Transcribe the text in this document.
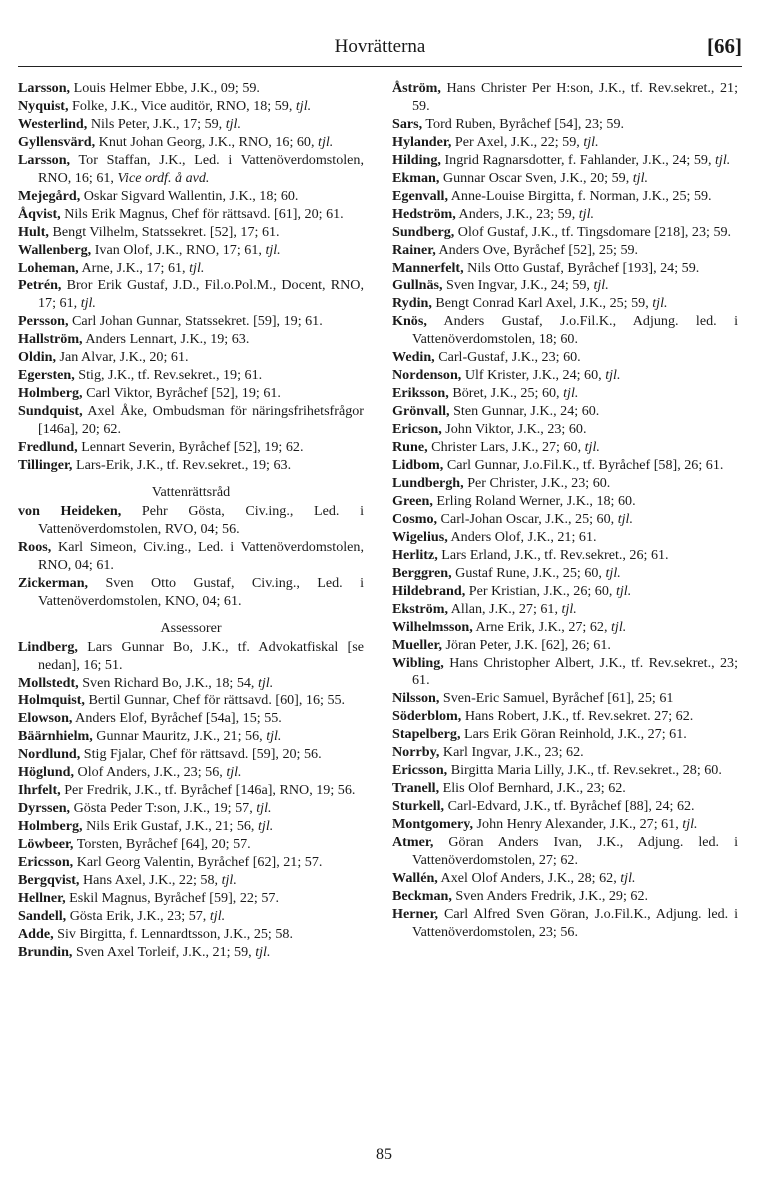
Hovrätterna	[66]

Larsson, Louis Helmer Ebbe, J.K., 09; 59.

Nyquist, Folke, J.K., Vice auditör, RNO, 18; 59, tjl.

Westerlind, Nils Peter, J.K., 17; 59, tjl.

Gyllensvärd, Knut Johan Georg, J.K., RNO, 16; 60, tjl.

Larsson, Tor Staffan, J.K., Led. i Vattenöverdomstolen, RNO, 16; 61, Vice ordf. å avd.

Mejegård, Oskar Sigvard Wallentin, J.K., 18; 60.

Åqvist, Nils Erik Magnus, Chef för rättsavd. [61], 20; 61.

Hult, Bengt Vilhelm, Statssekret. [52], 17; 61.

Wallenberg, Ivan Olof, J.K., RNO, 17; 61, tjl.

Loheman, Arne, J.K., 17; 61, tjl.

Petrén, Bror Erik Gustaf, J.D., Fil.o.Pol.M., Docent, RNO, 17; 61, tjl.

Persson, Carl Johan Gunnar, Statssekret. [59], 19; 61.

Hallström, Anders Lennart, J.K., 19; 63.

Oldin, Jan Alvar, J.K., 20; 61.

Egersten, Stig, J.K., tf. Rev.sekret., 19; 61.

Holmberg, Carl Viktor, Byråchef [52], 19; 61.

Sundquist, Axel Åke, Ombudsman för näringsfrihetsfrågor [146a], 20; 62.

Fredlund, Lennart Severin, Byråchef [52], 19; 62.

Tillinger, Lars-Erik, J.K., tf. Rev.sekret., 19; 63.

Vattenrättsråd

von Heideken, Pehr Gösta, Civ.ing., Led. i Vattenöverdomstolen, RVO, 04; 56.

Roos, Karl Simeon, Civ.ing., Led. i Vattenöverdomstolen, RNO, 04; 61.

Zickerman, Sven Otto Gustaf, Civ.ing., Led. i Vattenöverdomstolen, KNO, 04; 61.

Assessorer

Lindberg, Lars Gunnar Bo, J.K., tf. Advokatfiskal [se nedan], 16; 51.

Mollstedt, Sven Richard Bo, J.K., 18; 54, tjl.

Holmquist, Bertil Gunnar, Chef för rättsavd. [60], 16; 55.

Elowson, Anders Elof, Byråchef [54a], 15; 55.

Bäärnhielm, Gunnar Mauritz, J.K., 21; 56, tjl.

Nordlund, Stig Fjalar, Chef för rättsavd. [59], 20; 56.

Höglund, Olof Anders, J.K., 23; 56, tjl.

Ihrfelt, Per Fredrik, J.K., tf. Byråchef [146a], RNO, 19; 56.

Dyrssen, Gösta Peder T:son, J.K., 19; 57, tjl.

Holmberg, Nils Erik Gustaf, J.K., 21; 56, tjl.

Löwbeer, Torsten, Byråchef [64], 20; 57.

Ericsson, Karl Georg Valentin, Byråchef [62], 21; 57.

Bergqvist, Hans Axel, J.K., 22; 58, tjl.

Hellner, Eskil Magnus, Byråchef [59], 22; 57.

Sandell, Gösta Erik, J.K., 23; 57, tjl.

Adde, Siv Birgitta, f. Lennardtsson, J.K., 25; 58.

Brundin, Sven Axel Torleif, J.K., 21; 59, tjl.

Åström, Hans Christer Per H:son, J.K., tf. Rev.sekret., 21; 59.

Sars, Tord Ruben, Byråchef [54], 23; 59.

Hylander, Per Axel, J.K., 22; 59, tjl.

Hilding, Ingrid Ragnarsdotter, f. Fahlander, J.K., 24; 59, tjl.

Ekman, Gunnar Oscar Sven, J.K., 20; 59, tjl.

Egenvall, Anne-Louise Birgitta, f. Norman, J.K., 25; 59.

Hedström, Anders, J.K., 23; 59, tjl.

Sundberg, Olof Gustaf, J.K., tf. Tingsdomare [218], 23; 59.

Rainer, Anders Ove, Byråchef [52], 25; 59.

Mannerfelt, Nils Otto Gustaf, Byråchef [193], 24; 59.

Gullnäs, Sven Ingvar, J.K., 24; 59, tjl.

Rydin, Bengt Conrad Karl Axel, J.K., 25; 59, tjl.

Knös, Anders Gustaf, J.o.Fil.K., Adjung. led. i Vattenöverdomstolen, 18; 60.

Wedin, Carl-Gustaf, J.K., 23; 60.

Nordenson, Ulf Krister, J.K., 24; 60, tjl.

Eriksson, Böret, J.K., 25; 60, tjl.

Grönvall, Sten Gunnar, J.K., 24; 60.

Ericson, John Viktor, J.K., 23; 60.

Rune, Christer Lars, J.K., 27; 60, tjl.

Lidbom, Carl Gunnar, J.o.Fil.K., tf. Byråchef [58], 26; 61.

Lundbergh, Per Christer, J.K., 23; 60.

Green, Erling Roland Werner, J.K., 18; 60.

Cosmo, Carl-Johan Oscar, J.K., 25; 60, tjl.

Wigelius, Anders Olof, J.K., 21; 61.

Herlitz, Lars Erland, J.K., tf. Rev.sekret., 26; 61.

Berggren, Gustaf Rune, J.K., 25; 60, tjl.

Hildebrand, Per Kristian, J.K., 26; 60, tjl.

Ekström, Allan, J.K., 27; 61, tjl.

Wilhelmsson, Arne Erik, J.K., 27; 62, tjl.

Mueller, Jöran Peter, J.K. [62], 26; 61.

Wibling, Hans Christopher Albert, J.K., tf. Rev.sekret., 23; 61.

Nilsson, Sven-Eric Samuel, Byråchef [61], 25; 61

Söderblom, Hans Robert, J.K., tf. Rev.sekret. 27; 62.

Stapelberg, Lars Erik Göran Reinhold, J.K., 27; 61.

Norrby, Karl Ingvar, J.K., 23; 62.

Ericsson, Birgitta Maria Lilly, J.K., tf. Rev.sekret., 28; 60.

Tranell, Elis Olof Bernhard, J.K., 23; 62.

Sturkell, Carl-Edvard, J.K., tf. Byråchef [88], 24; 62.

Montgomery, John Henry Alexander, J.K., 27; 61, tjl.

Atmer, Göran Anders Ivan, J.K., Adjung. led. i Vattenöverdomstolen, 27; 62.

Wallén, Axel Olof Anders, J.K., 28; 62, tjl.

Beckman, Sven Anders Fredrik, J.K., 29; 62.

Herner, Carl Alfred Sven Göran, J.o.Fil.K., Adjung. led. i Vattenöverdomstolen, 23; 56.

85
